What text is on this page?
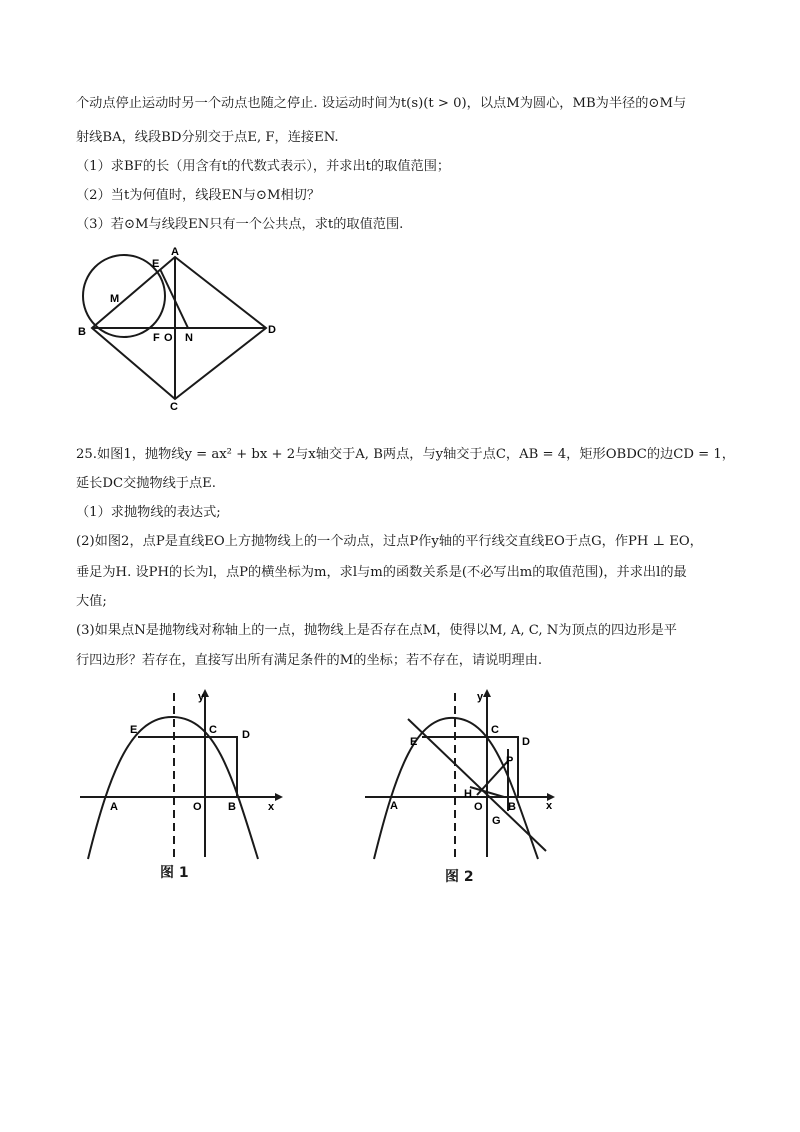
个动点停止运动时另一个动点也随之停止. 设运动时间为t(s)(t > 0)，以点M为圆心，MB为半径的⊙M与
射线BA，线段BD分别交于点E, F，连接EN.
（1）求BF的长（用含有t的代数式表示），并求出t的取值范围；
（2）当t为何值时，线段EN与⊙M相切？
（3）若⊙M与线段EN只有一个公共点，求t的取值范围.
A
E
M
B	F O N
D
C
25.如图1，抛物线y = ax² + bx + 2与x轴交于A, B两点，与y轴交于点C，AB = 4，矩形OBDC的边CD = 1，
延长DC交抛物线于点E.
（1）求抛物线的表达式;
(2)如图2，点P是直线EO上方抛物线上的一个动点，过点P作y轴的平行线交直线EO于点G，作PH ⊥ EO，
垂足为H. 设PH的长为l，点P的横坐标为m，求l与m的函数关系是(不必写出m的取值范围)，并求出l的最
大值;
(3)如果点N是抛物线对称轴上的一点，抛物线上是否存在点M，使得以M, A, C, N为顶点的四边形是平
行四边形？若存在，直接写出所有满足条件的M的坐标；若不存在，请说明理由.
y
E	C D
A	O B	x
图 1
y
E
C
D
P
A
H
O B
G
x
图 2
